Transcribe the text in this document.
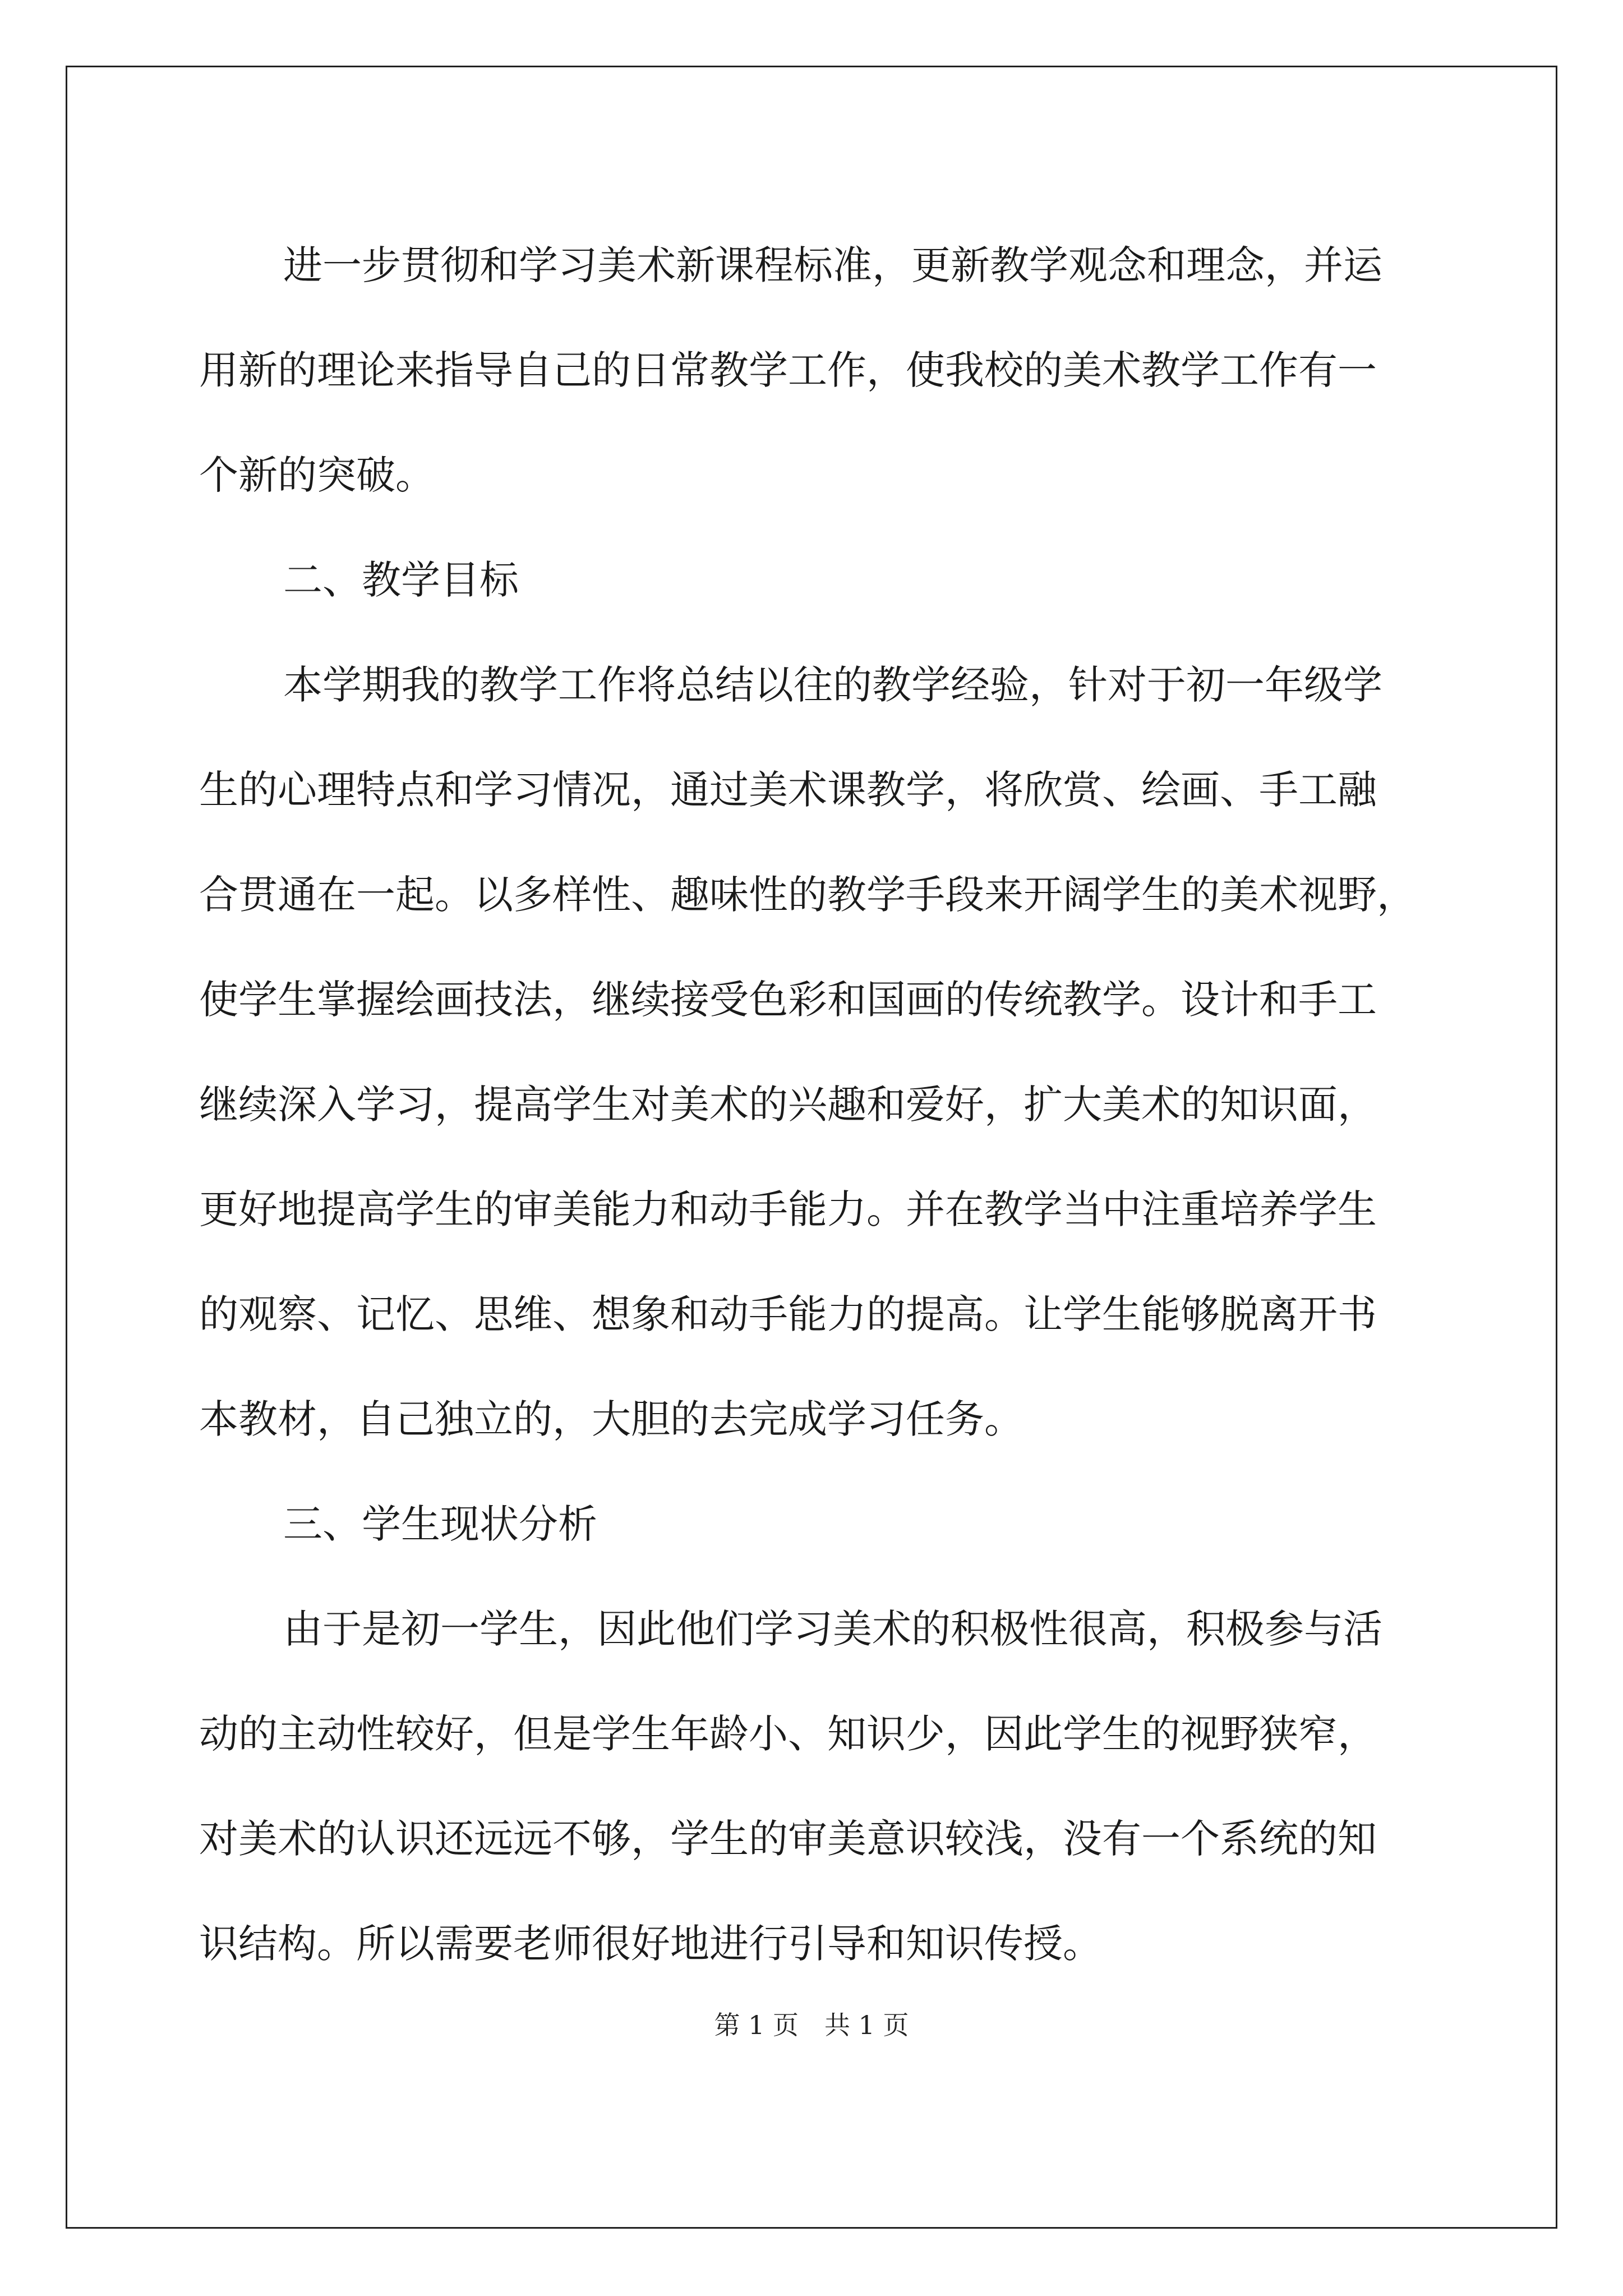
进一步贯彻和学习美术新课程标准，更新教学观念和理念，并运
用新的理论来指导自己的日常教学工作，使我校的美术教学工作有一
个新的突破。
二、教学目标
本学期我的教学工作将总结以往的教学经验，针对于初一年级学
生的心理特点和学习情况，通过美术课教学，将欣赏、绘画、手工融
合贯通在一起。以多样性、趣味性的教学手段来开阔学生的美术视野，
使学生掌握绘画技法，继续接受色彩和国画的传统教学。设计和手工
继续深入学习，提高学生对美术的兴趣和爱好，扩大美术的知识面，
更好地提高学生的审美能力和动手能力。并在教学当中注重培养学生
的观察、记忆、思维、想象和动手能力的提高。让学生能够脱离开书
本教材，自己独立的，大胆的去完成学习任务。
三、学生现状分析
由于是初一学生，因此他们学习美术的积极性很高，积极参与活
动的主动性较好，但是学生年龄小、知识少，因此学生的视野狭窄，
对美术的认识还远远不够，学生的审美意识较浅，没有一个系统的知
识结构。所以需要老师很好地进行引导和知识传授。
第 1 页　共 1 页
